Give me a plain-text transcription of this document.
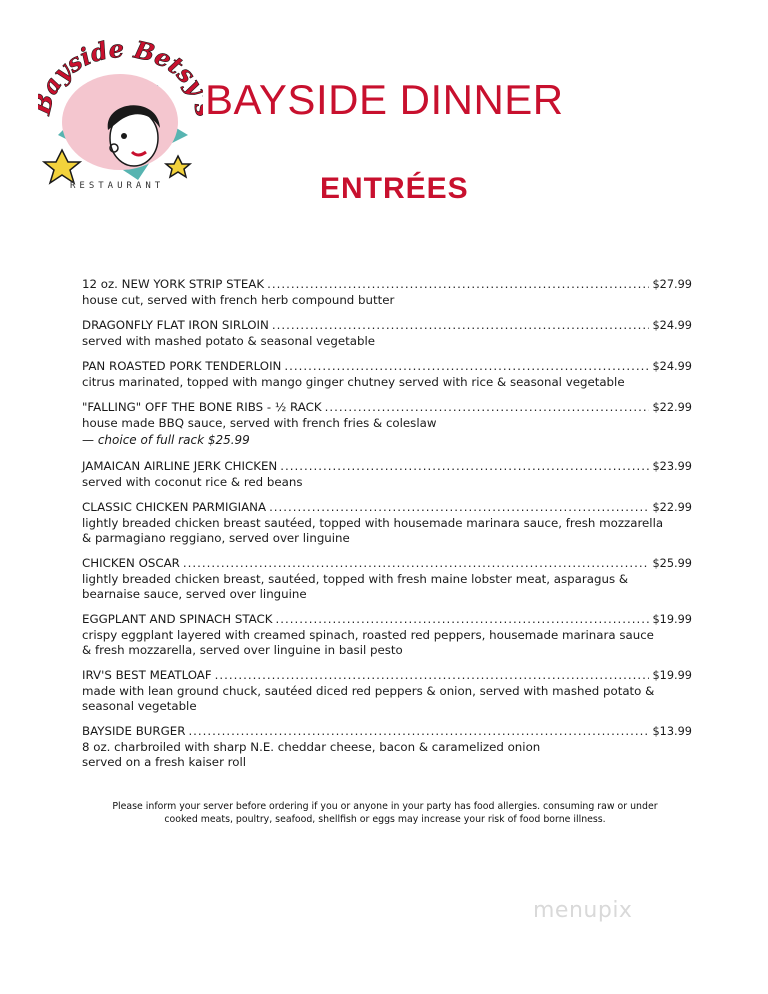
ayside Bets
RESTAURANT
BAYSIDE DINNER
ENTRÉES
12 oz. NEW YORK STRIP STEAK .....	$27.99
house cut, served with french herb compound butter
DRAGONFLY FLAT IRON SIRLOIN .....	$24.99
served with mashed potato & seasonal vegetable
PAN ROASTED PORK TENDERLOIN .....	$24.99
citrus marinated, topped with mango ginger chutney served with rice & seasonal vegetable
"FALLING" OFF THE BONE RIBS - ½ RACK .....	$22.99
house made BBQ sauce, served with french fries & coleslaw
— choice of full rack $25.99
JAMAICAN AIRLINE JERK CHICKEN .....	$23.99
served with coconut rice & red beans
CLASSIC CHICKEN PARMIGIANA .....	$22.99
lightly breaded chicken breast sautéed, topped with housemade marinara sauce, fresh mozzarella
& parmagiano reggiano, served over linguine
CHICKEN OSCAR .....	$25.99
lightly breaded chicken breast, sautéed, topped with fresh maine lobster meat, asparagus &
bearnaise sauce, served over linguine
EGGPLANT AND SPINACH STACK .....	$19.99
crispy eggplant layered with creamed spinach, roasted red peppers, housemade marinara sauce
& fresh mozzarella, served over linguine in basil pesto
IRV'S BEST MEATLOAF .....	$19.99
made with lean ground chuck, sautéed diced red peppers & onion, served with mashed potato &
seasonal vegetable
BAYSIDE BURGER .....	$13.99
8 oz. charbroiled with sharp N.E. cheddar cheese, bacon & caramelized onion
served on a fresh kaiser roll
Please inform your server before ordering if you or anyone in your party has food allergies. consuming raw or under
cooked meats, poultry, seafood, shellfish or eggs may increase your risk of food borne illness.
menupix
